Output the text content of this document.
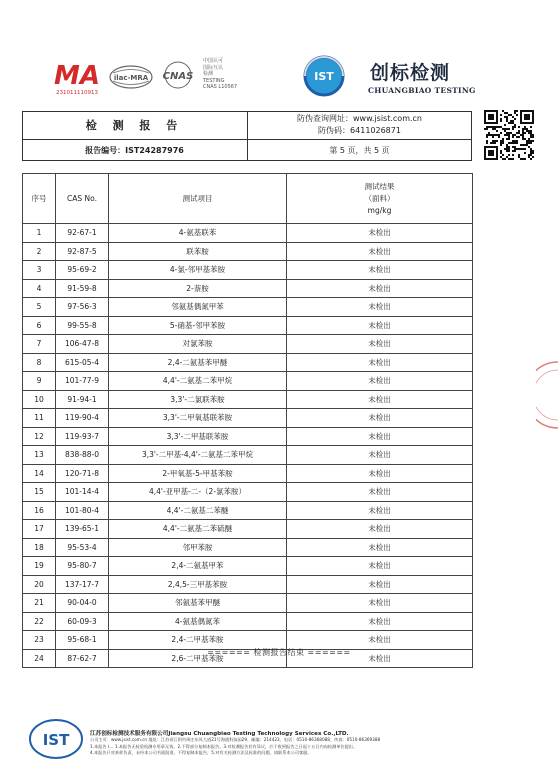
MA
231011110913
ilac-MRA CNAS
中国认可
国际互认
检测
TESTING
CNAS L10567
IST 创标检测
CHUANGBIAO TESTING
检 测 报 告
报告编号：IST24287976
防伪查询网址：www.jsist.com.cn
防伪码：6411026871
第 5 页，共 5 页
序号	CAS No.	测试项目	测试结果
（面料）
mg/kg

1	92-67-1	4-氨基联苯	未检出
2	92-87-5	联苯胺	未检出
3	95-69-2	4-氯-邻甲基苯胺	未检出
4	91-59-8	2-萘胺	未检出
5	97-56-3	邻氨基偶氮甲苯	未检出
6	99-55-8	5-硝基-邻甲苯胺	未检出
7	106-47-8	对氯苯胺	未检出
8	615-05-4	2,4-二氨基苯甲醚	未检出
9	101-77-9	4,4'-二氨基二苯甲烷	未检出
10	91-94-1	3,3'-二氯联苯胺	未检出
11	119-90-4	3,3'-二甲氧基联苯胺	未检出
12	119-93-7	3,3'-二甲基联苯胺	未检出
13	838-88-0	3,3'-二甲基-4,4'-二氨基二苯甲烷	未检出
14	120-71-8	2-甲氧基-5-甲基苯胺	未检出
15	101-14-4	4,4'-亚甲基-二-（2-氯苯胺）	未检出
16	101-80-4	4,4'-二氨基二苯醚	未检出
17	139-65-1	4,4'-二氨基二苯硫醚	未检出
18	95-53-4	邻甲苯胺	未检出
19	95-80-7	2,4-二氨基甲苯	未检出
20	137-17-7	2,4,5-三甲基苯胺	未检出
21	90-04-0	邻氨基苯甲醚	未检出
22	60-09-3	4-氨基偶氮苯	未检出
23	95-68-1	2,4-二甲基苯胺	未检出
24	87-62-7	2,6-二甲基苯胺	未检出
====== 检测报告结束 ======
IST	江苏创标检测技术服务有限公司Jiangsu Chuangbiao Testing Technology Services Co.,LTD.
公司主页：www.jsist.com.cn 地址：江苏省江阴市周庄东风大道21号海盛科技园29、邮编：214423、电话：0510-86368088、传真：0510-86369388
1.本报告 (... 1.本报告无检验检测专用章无效。2.不得部分复制本报告。3.对检测报告若有异议，应于收到报告之日起十五日内向检测单位提出。
4.本报告只对来样负责，未经本公司书面批准，不得复制本报告，5.对有关检测方法及标准的问题，请联系本公司客服。
